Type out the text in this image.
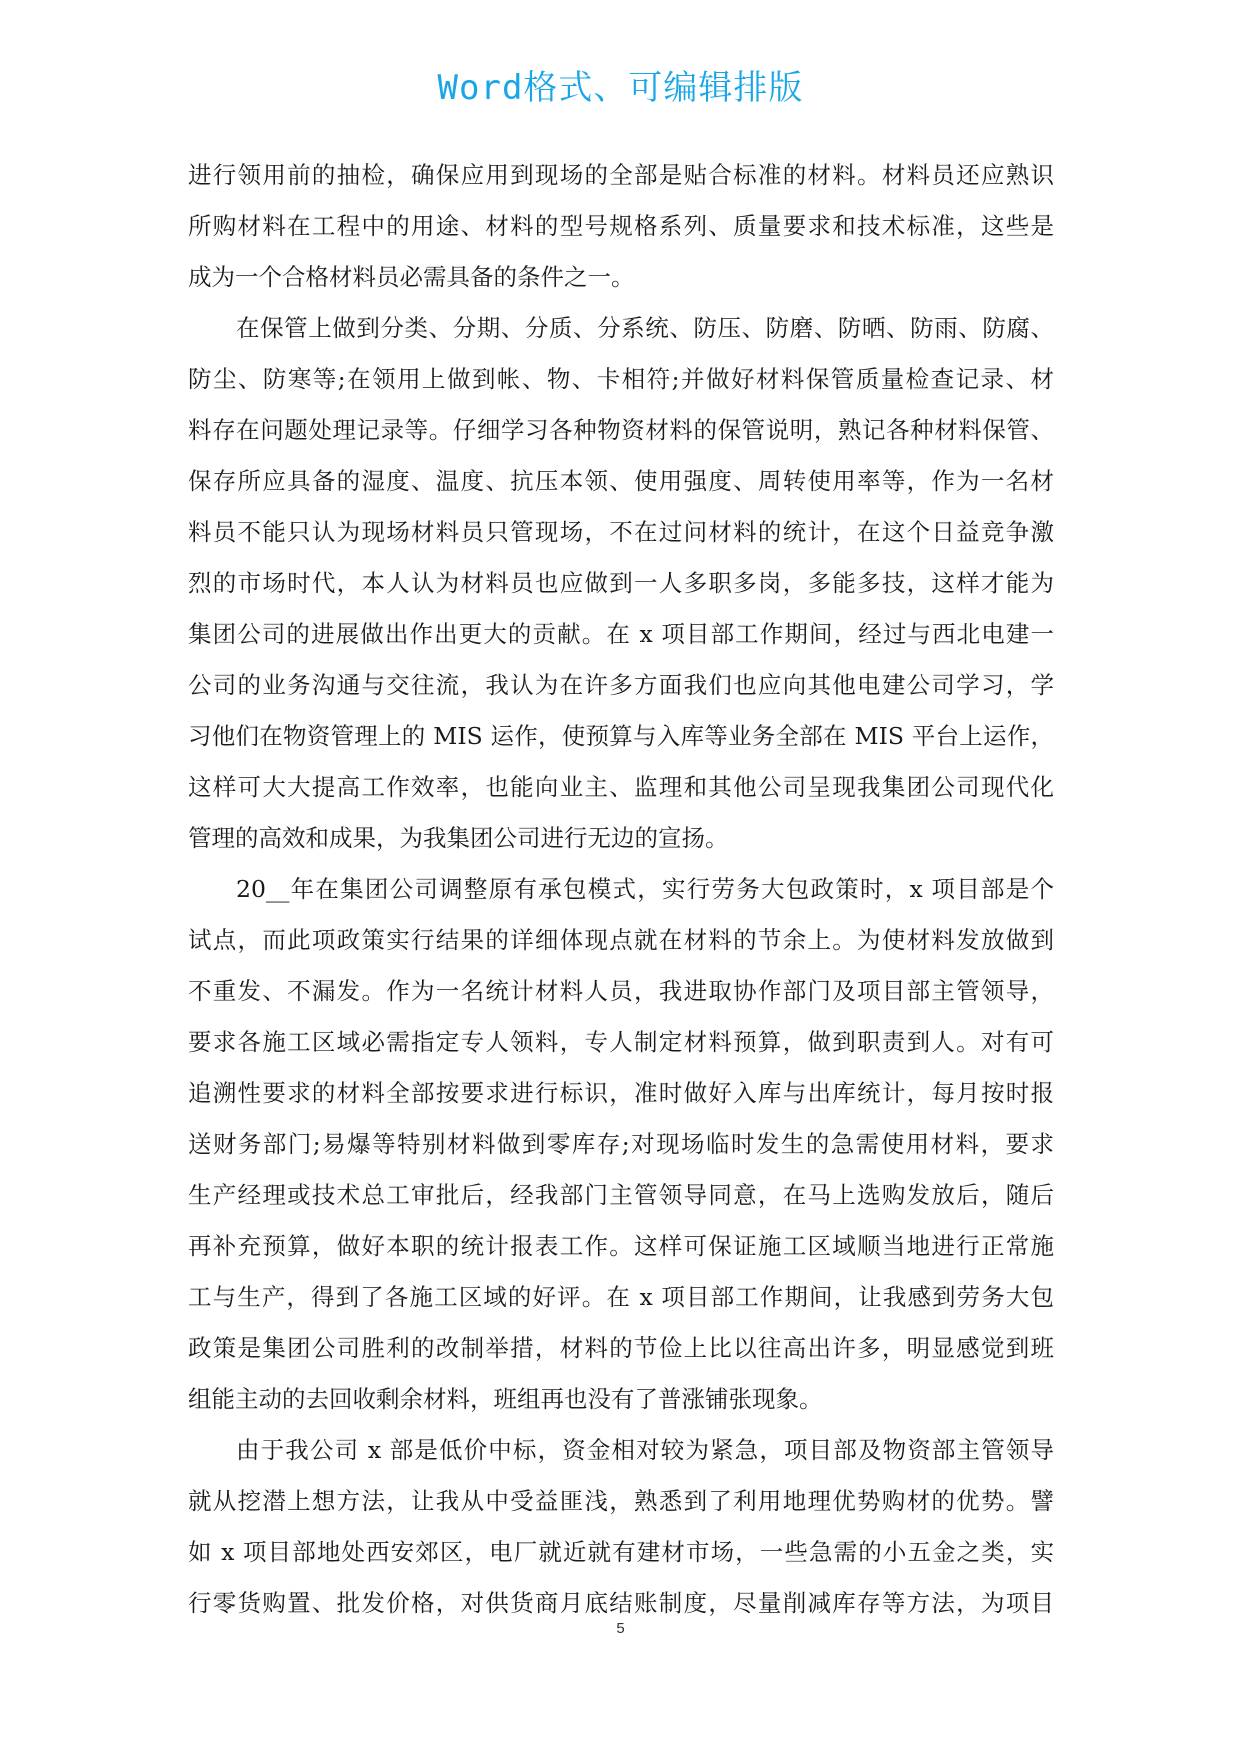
Word格式、可编辑排版
进行领用前的抽检，确保应用到现场的全部是贴合标准的材料。材料员还应熟识
所购材料在工程中的用途、材料的型号规格系列、质量要求和技术标准，这些是
成为一个合格材料员必需具备的条件之一。
在保管上做到分类、分期、分质、分系统、防压、防磨、防晒、防雨、防腐、
防尘、防寒等;在领用上做到帐、物、卡相符;并做好材料保管质量检查记录、材
料存在问题处理记录等。仔细学习各种物资材料的保管说明，熟记各种材料保管、
保存所应具备的湿度、温度、抗压本领、使用强度、周转使用率等，作为一名材
料员不能只认为现场材料员只管现场，不在过问材料的统计，在这个日益竞争激
烈的市场时代，本人认为材料员也应做到一人多职多岗，多能多技，这样才能为
集团公司的进展做出作出更大的贡献。在 x 项目部工作期间，经过与西北电建一
公司的业务沟通与交往流，我认为在许多方面我们也应向其他电建公司学习，学
习他们在物资管理上的 MIS 运作，使预算与入库等业务全部在 MIS 平台上运作，
这样可大大提高工作效率，也能向业主、监理和其他公司呈现我集团公司现代化
管理的高效和成果，为我集团公司进行无边的宣扬。
20__年在集团公司调整原有承包模式，实行劳务大包政策时，x 项目部是个
试点，而此项政策实行结果的详细体现点就在材料的节余上。为使材料发放做到
不重发、不漏发。作为一名统计材料人员，我进取协作部门及项目部主管领导，
要求各施工区域必需指定专人领料，专人制定材料预算，做到职责到人。对有可
追溯性要求的材料全部按要求进行标识，准时做好入库与出库统计，每月按时报
送财务部门;易爆等特别材料做到零库存;对现场临时发生的急需使用材料，要求
生产经理或技术总工审批后，经我部门主管领导同意，在马上选购发放后，随后
再补充预算，做好本职的统计报表工作。这样可保证施工区域顺当地进行正常施
工与生产，得到了各施工区域的好评。在 x 项目部工作期间，让我感到劳务大包
政策是集团公司胜利的改制举措，材料的节俭上比以往高出许多，明显感觉到班
组能主动的去回收剩余材料，班组再也没有了普涨铺张现象。
由于我公司 x 部是低价中标，资金相对较为紧急，项目部及物资部主管领导
就从挖潜上想方法，让我从中受益匪浅，熟悉到了利用地理优势购材的优势。譬
如 x 项目部地处西安郊区，电厂就近就有建材市场，一些急需的小五金之类，实
行零货购置、批发价格，对供货商月底结账制度，尽量削减库存等方法，为项目
5
